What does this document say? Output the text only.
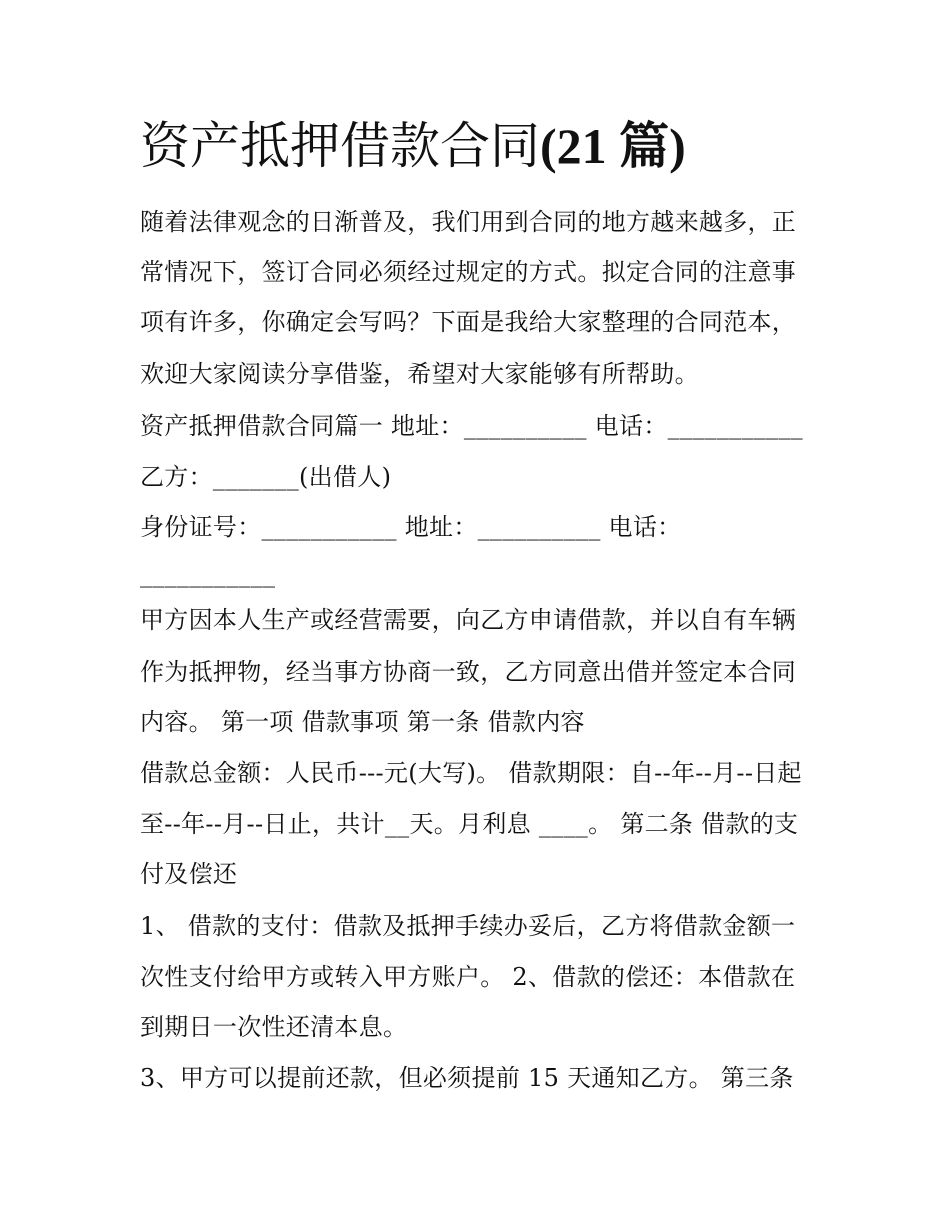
资产抵押借款合同(21 篇)
随着法律观念的日渐普及，我们用到合同的地方越来越多，正
常情况下，签订合同必须经过规定的方式。拟定合同的注意事
项有许多，你确定会写吗？下面是我给大家整理的合同范本，
欢迎大家阅读分享借鉴，希望对大家能够有所帮助。
资产抵押借款合同篇一 地址：__________ 电话：___________
乙方：_______(出借人)
身份证号：___________ 地址：__________ 电话：
___________
甲方因本人生产或经营需要，向乙方申请借款，并以自有车辆
作为抵押物，经当事方协商一致，乙方同意出借并签定本合同
内容。 第一项 借款事项 第一条 借款内容
借款总金额：人民币---元(大写)。 借款期限：自--年--月--日起
至--年--月--日止，共计__天。月利息 ____。 第二条 借款的支
付及偿还
1、 借款的支付：借款及抵押手续办妥后，乙方将借款金额一
次性支付给甲方或转入甲方账户。 2、借款的偿还：本借款在
到期日一次性还清本息。
3、甲方可以提前还款，但必须提前 15 天通知乙方。 第三条
